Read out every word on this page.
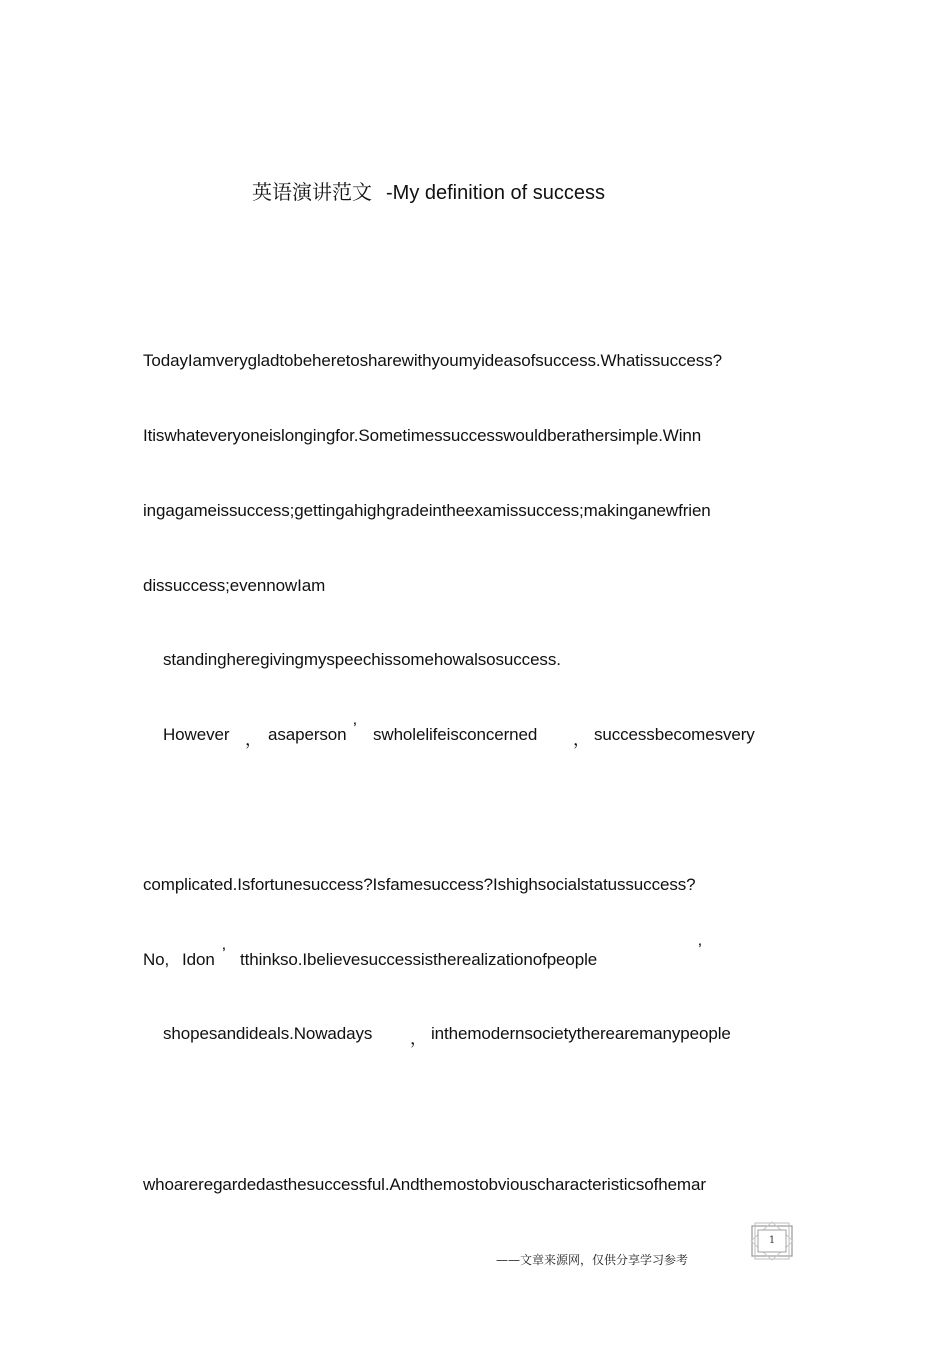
英语演讲范文 -My definition of success
TodayIamverygladtobeheretosharewithyoumyideasofsuccess.Whatissuccess?
Itiswhateveryoneislongingfor.Sometimessuccesswouldberathersimple.Winn
ingagameissuccess;gettingahighgradeintheexamissuccess;makinganewfrien
dissuccess;evennowIam
standingheregivingmyspeechissomehowalsosuccess.
However ， asaperson ’ swholelifeisconcerned ， successbecomesvery
complicated.Isfortunesuccess?Isfamesuccess?Ishighsocialstatussuccess?
No, Idon ’ tthinkso.Ibelievesuccessistherealizationofpeople
’
shopesandideals.Nowadays ， inthemodernsocietytherearemanypeople
whoareregardedasthesuccessful.Andthemostobviouscharacteristicsofhemar
——文章来源网，仅供分享学习参考
1
